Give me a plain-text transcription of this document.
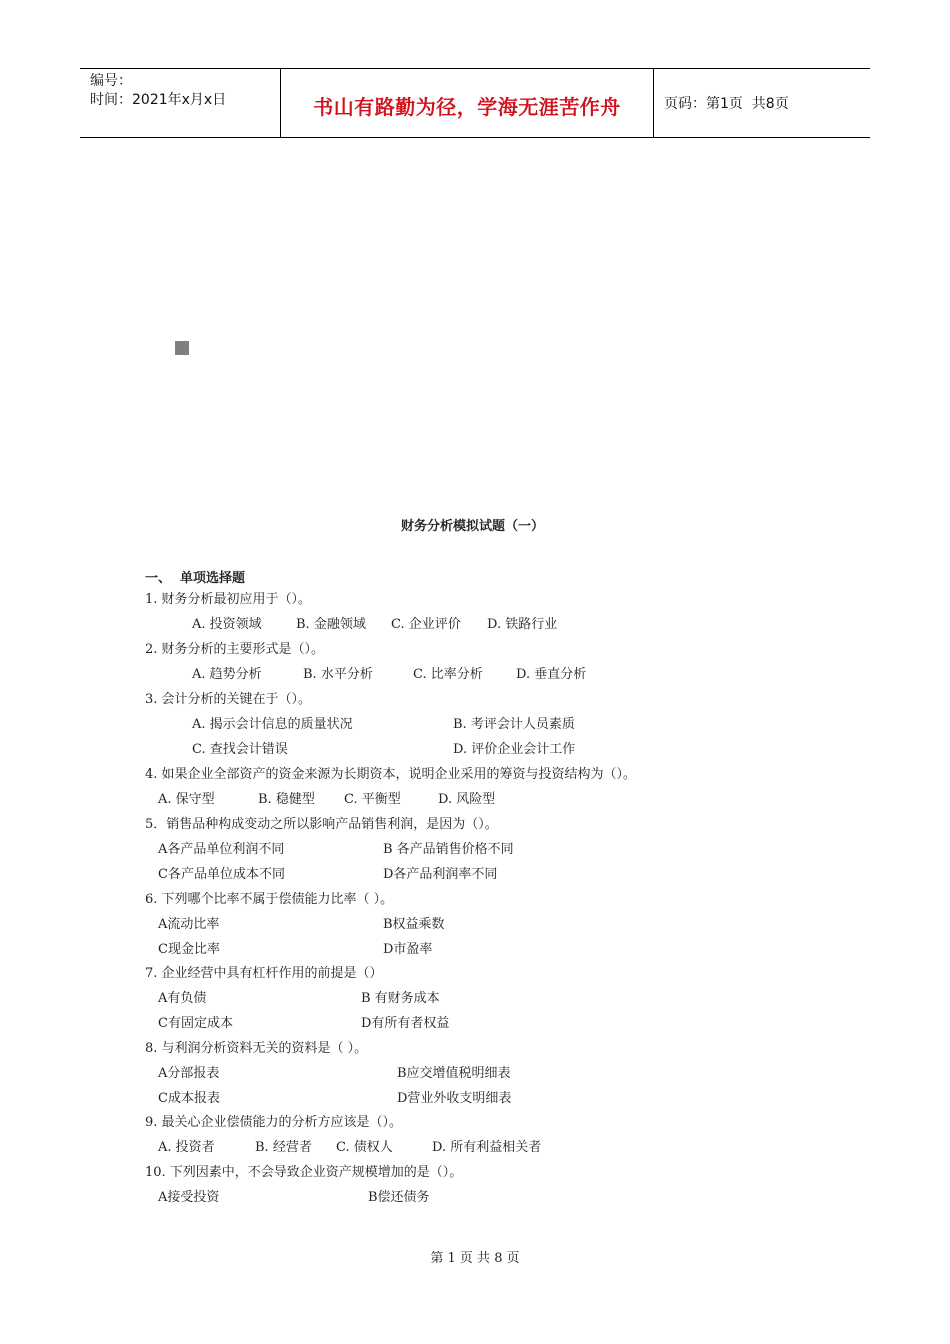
编号：
时间：2021年x月x日	书山有路勤为径，学海无涯苦作舟	页码：第1页  共8页
财务分析模拟试题（一）
一、 单项选择题
1. 财务分析最初应用于（）。
A. 投资领域	B. 金融领域 C. 企业评价 D. 铁路行业
2. 财务分析的主要形式是（）。
A. 趋势分析	B. 水平分析	C. 比率分析	D. 垂直分析
3. 会计分析的关键在于（）。
A. 揭示会计信息的质量状况	B. 考评会计人员素质
C. 查找会计错误	D. 评价企业会计工作
4. 如果企业全部资产的资金来源为长期资本，说明企业采用的筹资与投资结构为（）。
A. 保守型	B. 稳健型 C. 平衡型	D. 风险型
5．销售品种构成变动之所以影响产品销售利润，是因为（）。
A各产品单位利润不同	B 各产品销售价格不同
C各产品单位成本不同	D各产品利润率不同
6. 下列哪个比率不属于偿债能力比率（ ）。
A流动比率	B权益乘数
C现金比率	D市盈率
7. 企业经营中具有杠杆作用的前提是（）
A有负债	B 有财务成本
C有固定成本	D有所有者权益
8. 与利润分析资料无关的资料是（ ）。
A分部报表	B应交增值税明细表
C成本报表	D营业外收支明细表
9. 最关心企业偿债能力的分析方应该是（）。
A. 投资者	B. 经营者 C. 债权人	D. 所有利益相关者
10. 下列因素中，不会导致企业资产规模增加的是（）。
A接受投资	B偿还债务
第 1 页 共 8 页
